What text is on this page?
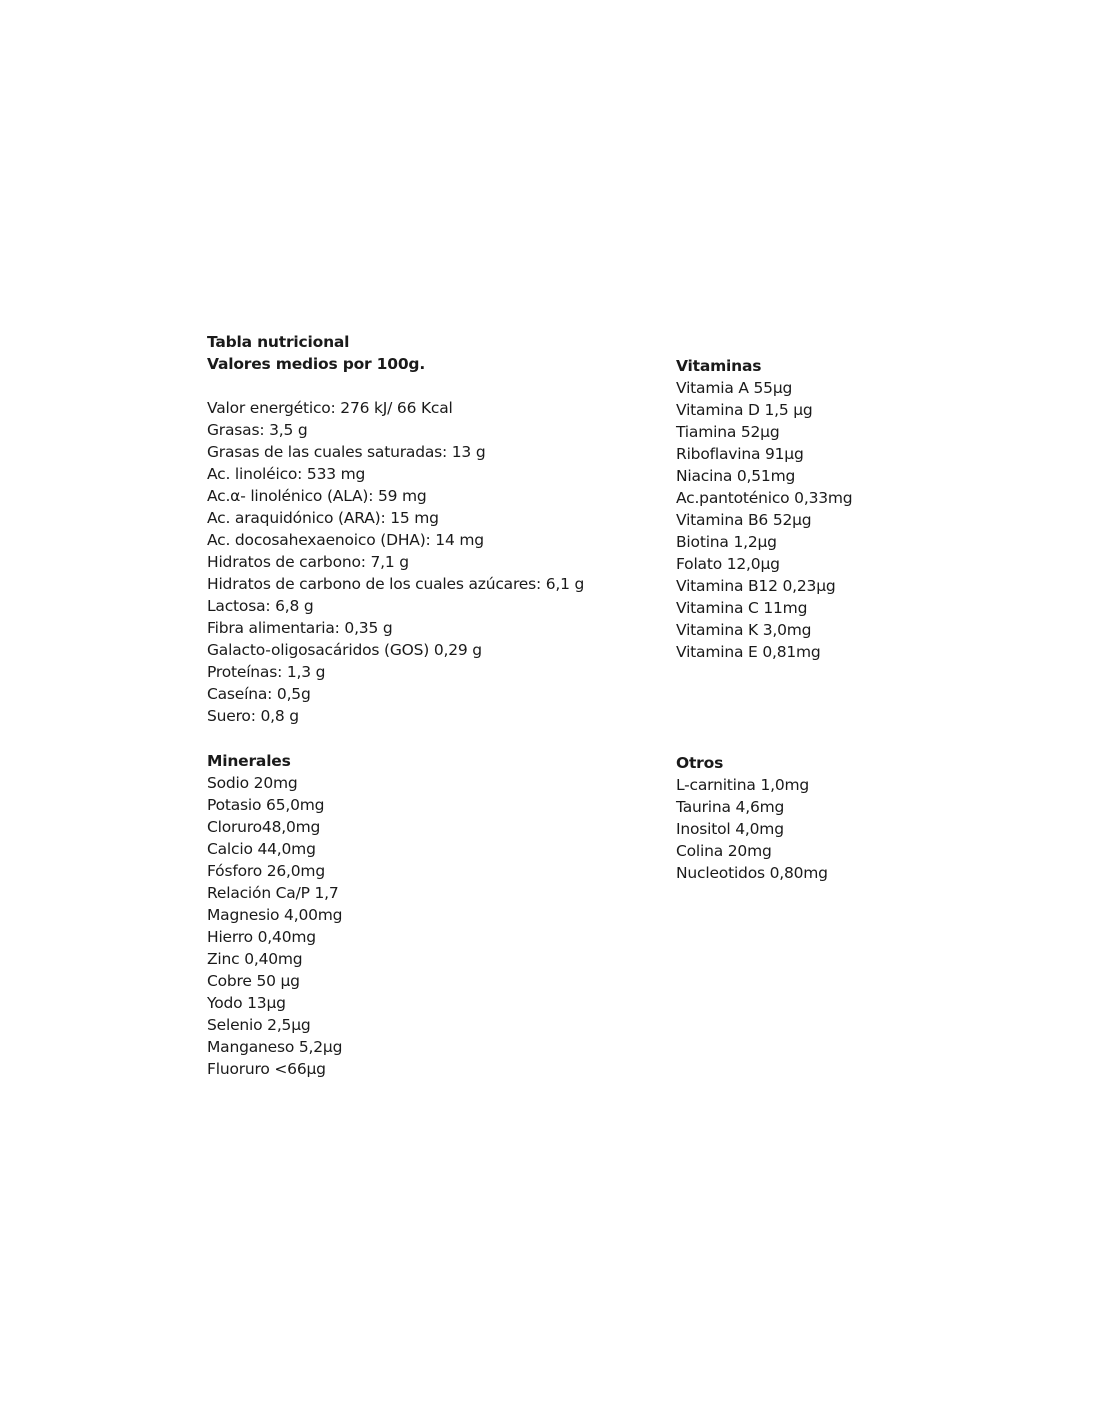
Tabla nutricional
Valores medios por 100g.
Valor energético: 276 kJ/ 66 Kcal
Grasas: 3,5 g
Grasas de las cuales saturadas: 13 g
Ac. linoléico: 533 mg
Ac.α- linolénico (ALA): 59 mg
Ac. araquidónico (ARA): 15 mg
Ac. docosahexaenoico (DHA): 14 mg
Hidratos de carbono: 7,1 g
Hidratos de carbono de los cuales azúcares: 6,1 g
Lactosa: 6,8 g
Fibra alimentaria: 0,35 g
Galacto-oligosacáridos (GOS) 0,29 g
Proteínas: 1,3 g
Caseína: 0,5g
Suero: 0,8 g
Minerales
Sodio 20mg
Potasio 65,0mg
Cloruro48,0mg
Calcio 44,0mg
Fósforo 26,0mg
Relación Ca/P 1,7
Magnesio 4,00mg
Hierro 0,40mg
Zinc 0,40mg
Cobre 50 µg
Yodo 13µg
Selenio 2,5µg
Manganeso 5,2µg
Fluoruro <66µg
Vitaminas
Vitamia A 55µg
Vitamina D 1,5 µg
Tiamina 52µg
Riboflavina 91µg
Niacina 0,51mg
Ac.pantoténico 0,33mg
Vitamina B6 52µg
Biotina 1,2µg
Folato 12,0µg
Vitamina B12 0,23µg
Vitamina C 11mg
Vitamina K 3,0mg
Vitamina E 0,81mg
Otros
L-carnitina 1,0mg
Taurina 4,6mg
Inositol 4,0mg
Colina 20mg
Nucleotidos 0,80mg
